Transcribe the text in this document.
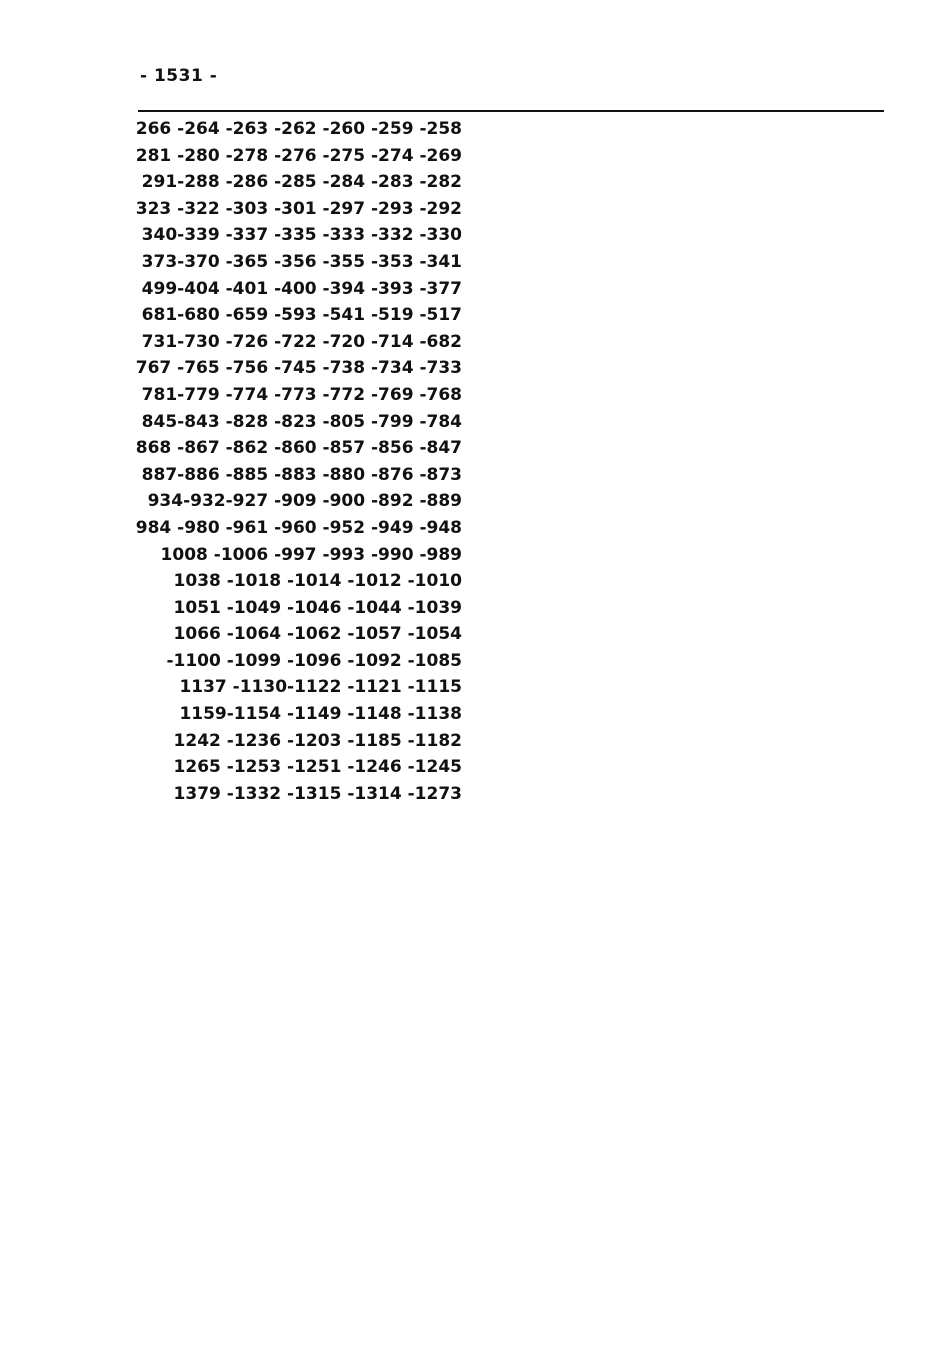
- 1531 -
266 -264 -263 -262 -260 -259 -258
281 -280 -278 -276 -275 -274 -269
291-288 -286 -285 -284 -283 -282
323 -322 -303 -301 -297 -293 -292
340-339 -337 -335 -333 -332 -330
373-370 -365 -356 -355 -353 -341
499-404 -401 -400 -394 -393 -377
681-680 -659 -593 -541 -519 -517
731-730 -726 -722 -720 -714 -682
767 -765 -756 -745 -738 -734 -733
781-779 -774 -773 -772 -769 -768
845-843 -828 -823 -805 -799 -784
868 -867 -862 -860 -857 -856 -847
887-886 -885 -883 -880 -876 -873
934-932-927 -909 -900 -892 -889
984 -980 -961 -960 -952 -949 -948
1008 -1006 -997 -993 -990 -989
1038 -1018 -1014 -1012 -1010
1051 -1049 -1046 -1044 -1039
1066 -1064 -1062 -1057 -1054
-1100 -1099 -1096 -1092 -1085
1137 -1130-1122 -1121 -1115
1159-1154 -1149 -1148 -1138
1242 -1236 -1203 -1185 -1182
1265 -1253 -1251 -1246 -1245
1379 -1332 -1315 -1314 -1273
